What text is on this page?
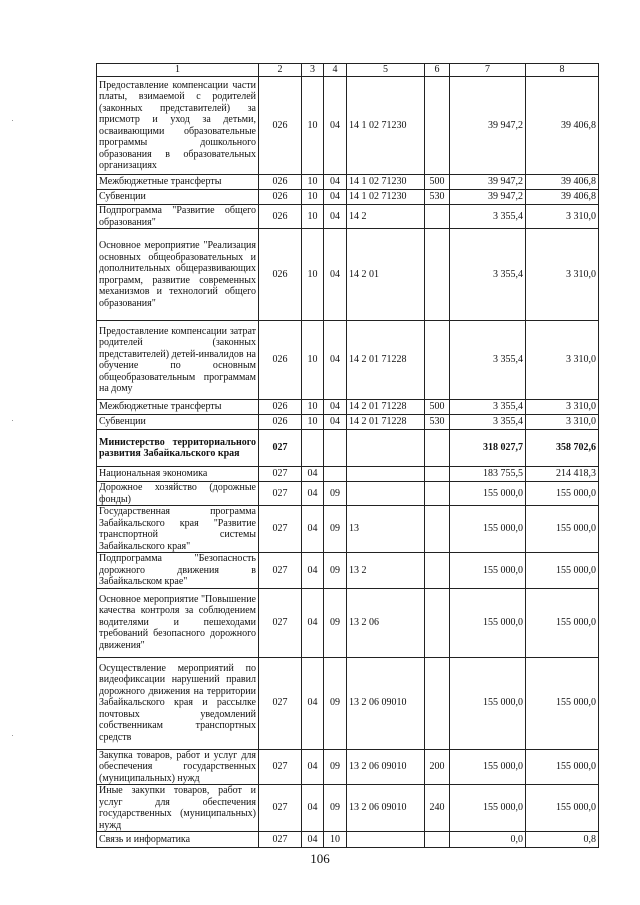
1	2	3	4	5	6	7	8
Предоставление компенсации части платы, взимаемой с родителей (законных представителей) за присмотр и уход за детьми, осваивающими образовательные программы дошкольного образования в образовательных организациях	026	10	04	14 1 02 71230		39 947,2	39 406,8
Межбюджетные трансферты	026	10	04	14 1 02 71230	500	39 947,2	39 406,8
Субвенции	026	10	04	14 1 02 71230	530	39 947,2	39 406,8
Подпрограмма "Развитие общего образования"	026	10	04	14 2		3 355,4	3 310,0
Основное мероприятие "Реализация основных общеобразовательных и дополнительных общеразвивающих программ, развитие современных механизмов и технологий общего образования"	026	10	04	14 2 01		3 355,4	3 310,0
Предоставление компенсации затрат родителей (законных представителей) детей-инвалидов на обучение по основным общеобразовательным программам на дому	026	10	04	14 2 01 71228		3 355,4	3 310,0
Межбюджетные трансферты	026	10	04	14 2 01 71228	500	3 355,4	3 310,0
Субвенции	026	10	04	14 2 01 71228	530	3 355,4	3 310,0
Министерство территориального развития Забайкальского края	027					318 027,7	358 702,6
Национальная экономика	027	04				183 755,5	214 418,3
Дорожное хозяйство (дорожные фонды)	027	04	09			155 000,0	155 000,0
Государственная программа Забайкальского края "Развитие транспортной системы Забайкальского края"	027	04	09	13		155 000,0	155 000,0
Подпрограмма "Безопасность дорожного движения в Забайкальском крае"	027	04	09	13 2		155 000,0	155 000,0
Основное мероприятие "Повышение качества контроля за соблюдением водителями и пешеходами требований безопасного дорожного движения"	027	04	09	13 2 06		155 000,0	155 000,0
Осуществление мероприятий по видеофиксации нарушений правил дорожного движения на территории Забайкальского края и рассылке почтовых уведомлений собственникам транспортных средств	027	04	09	13 2 06 09010		155 000,0	155 000,0
Закупка товаров, работ и услуг для обеспечения государственных (муниципальных) нужд	027	04	09	13 2 06 09010	200	155 000,0	155 000,0
Иные закупки товаров, работ и услуг для обеспечения государственных (муниципальных) нужд	027	04	09	13 2 06 09010	240	155 000,0	155 000,0
Связь и информатика	027	04	10			0,0	0,8
106
